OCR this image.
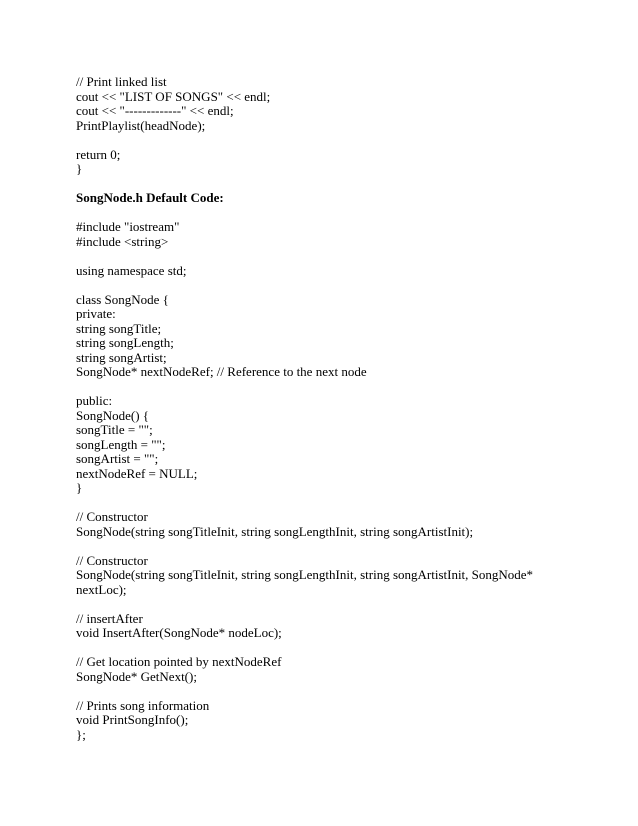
// Print linked list
cout << "LIST OF SONGS" << endl;
cout << "-------------" << endl;
PrintPlaylist(headNode);
return 0;
}
SongNode.h Default Code:
#include "iostream"
#include <string>
using namespace std;
class SongNode {
private:
string songTitle;
string songLength;
string songArtist;
SongNode* nextNodeRef; // Reference to the next node
public:
SongNode() {
songTitle = "";
songLength = "";
songArtist = "";
nextNodeRef = NULL;
}
// Constructor
SongNode(string songTitleInit, string songLengthInit, string songArtistInit);
// Constructor
SongNode(string songTitleInit, string songLengthInit, string songArtistInit, SongNode*
nextLoc);
// insertAfter
void InsertAfter(SongNode* nodeLoc);
// Get location pointed by nextNodeRef
SongNode* GetNext();
// Prints song information
void PrintSongInfo();
};
